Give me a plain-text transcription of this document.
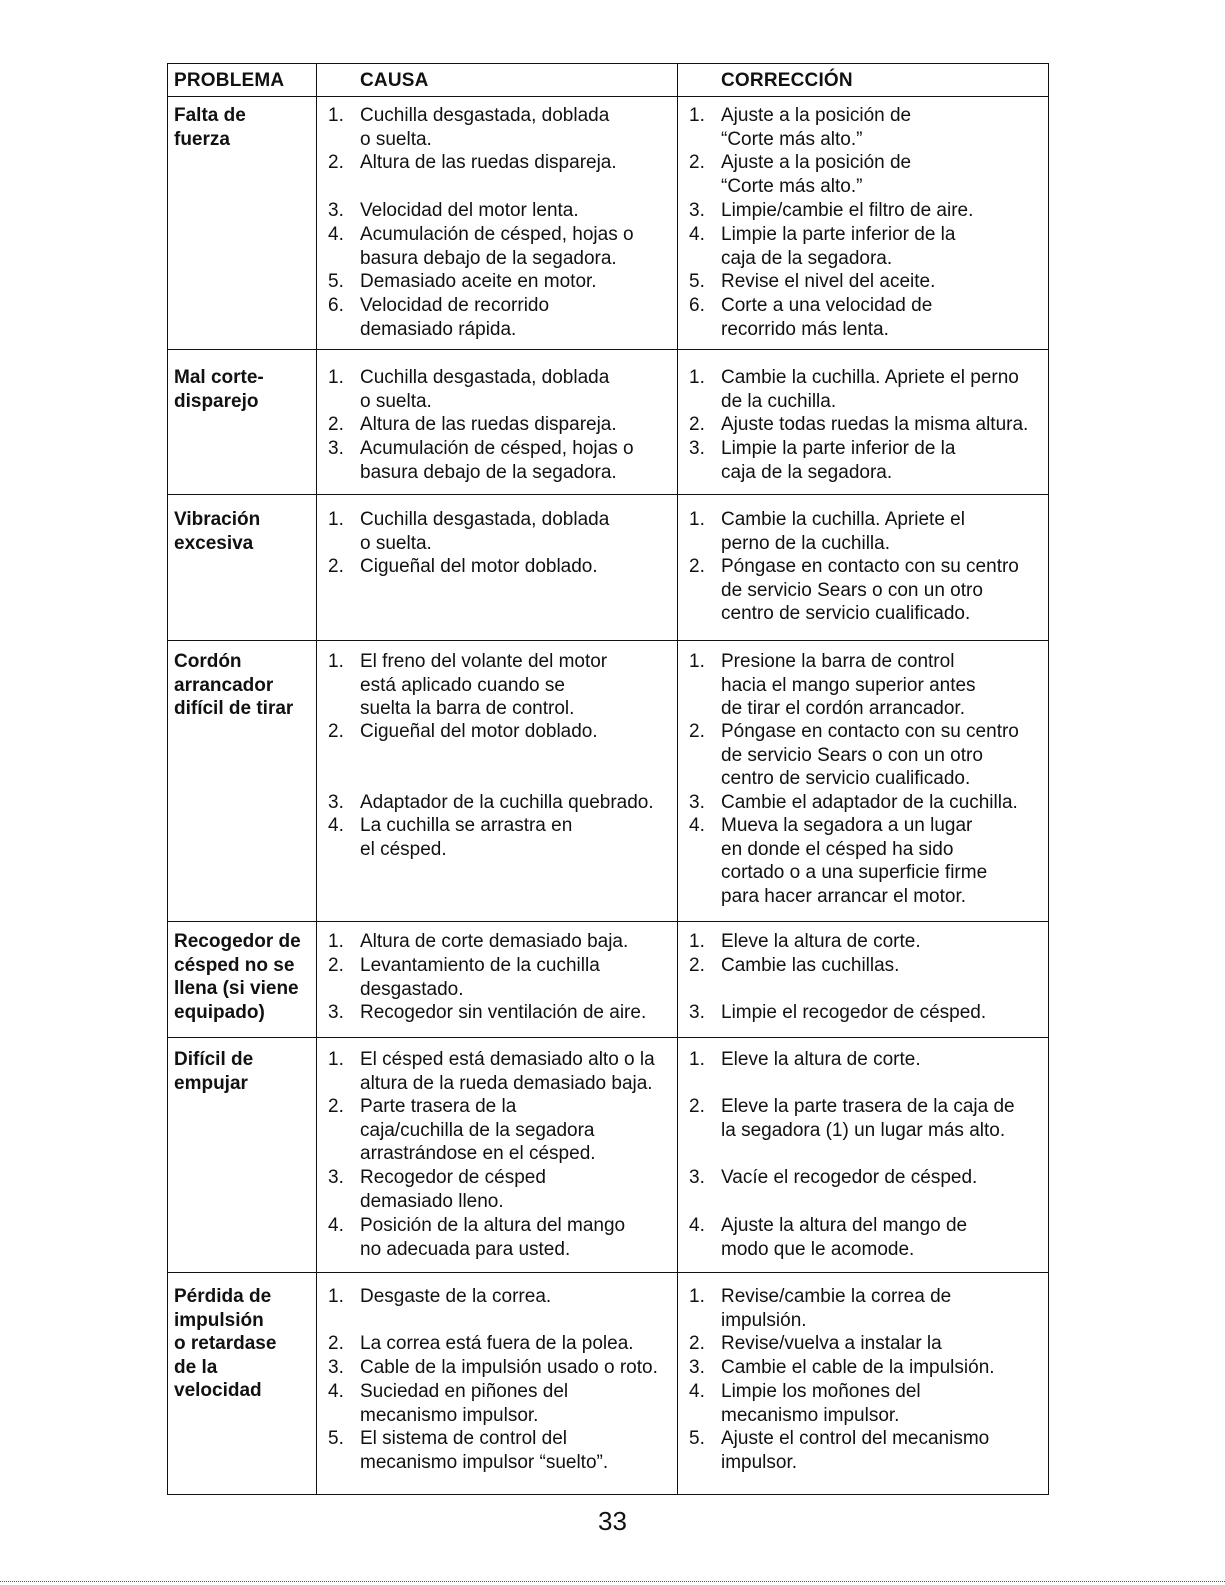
PROBLEMA	CAUSA	CORRECCIÓN
Falta de
fuerza
1. Cuchilla desgastada, doblada
o suelta.
2. Altura de las ruedas dispareja.
3. Velocidad del motor lenta.
4. Acumulación de césped, hojas o
basura debajo de la segadora.
5. Demasiado aceite en motor.
6. Velocidad de recorrido
demasiado rápida.
1. Ajuste a la posición de
“Corte más alto.”
2. Ajuste a la posición de
“Corte más alto.”
3. Limpie/cambie el filtro de aire.
4. Limpie la parte inferior de la
caja de la segadora.
5. Revise el nivel del aceite.
6. Corte a una velocidad de
recorrido más lenta.
Mal corte-
disparejo
1. Cuchilla desgastada, doblada
o suelta.
2. Altura de las ruedas dispareja.
3. Acumulación de césped, hojas o
basura debajo de la segadora.
1. Cambie la cuchilla. Apriete el perno
de la cuchilla.
2. Ajuste todas ruedas la misma altura.
3. Limpie la parte inferior de la
caja de la segadora.
Vibración
excesiva
1. Cuchilla desgastada, doblada
o suelta.
2. Cigueñal del motor doblado.
1. Cambie la cuchilla. Apriete el
perno de la cuchilla.
2. Póngase en contacto con su centro
de servicio Sears o con un otro
centro de servicio cualificado.
Cordón
arrancador
difícil de tirar
1. El freno del volante del motor
está aplicado cuando se
suelta la barra de control.
2. Cigueñal del motor doblado.
3. Adaptador de la cuchilla quebrado.
4. La cuchilla se arrastra en
el césped.
1. Presione la barra de control
hacia el mango superior antes
de tirar el cordón arrancador.
2. Póngase en contacto con su centro
de servicio Sears o con un otro
centro de servicio cualificado.
3. Cambie el adaptador de la cuchilla.
4. Mueva la segadora a un lugar
en donde el césped ha sido
cortado o a una superficie firme
para hacer arrancar el motor.
Recogedor de
césped no se
llena (si viene
equipado)
1. Altura de corte demasiado baja.
2. Levantamiento de la cuchilla
desgastado.
3. Recogedor sin ventilación de aire.
1. Eleve la altura de corte.
2. Cambie las cuchillas.
3. Limpie el recogedor de césped.
Difícil de
empujar
1. El césped está demasiado alto o la
altura de la rueda demasiado baja.
2. Parte trasera de la
caja/cuchilla de la segadora
arrastrándose en el césped.
3. Recogedor de césped
demasiado lleno.
4. Posición de la altura del mango
no adecuada para usted.
1. Eleve la altura de corte.
2. Eleve la parte trasera de la caja de
la segadora (1) un lugar más alto.
3. Vacíe el recogedor de césped.
4. Ajuste la altura del mango de
modo que le acomode.
Pérdida de
impulsión
o retardase
de la
velocidad
1. Desgaste de la correa.
2. La correa está fuera de la polea.
3. Cable de la impulsión usado o roto.
4. Suciedad en piñones del
mecanismo impulsor.
5. El sistema de control del
mecanismo impulsor “suelto”.
1. Revise/cambie la correa de
impulsión.
2. Revise/vuelva a instalar la
3. Cambie el cable de la impulsión.
4. Limpie los moñones del
mecanismo impulsor.
5. Ajuste el control del mecanismo
impulsor.
33
